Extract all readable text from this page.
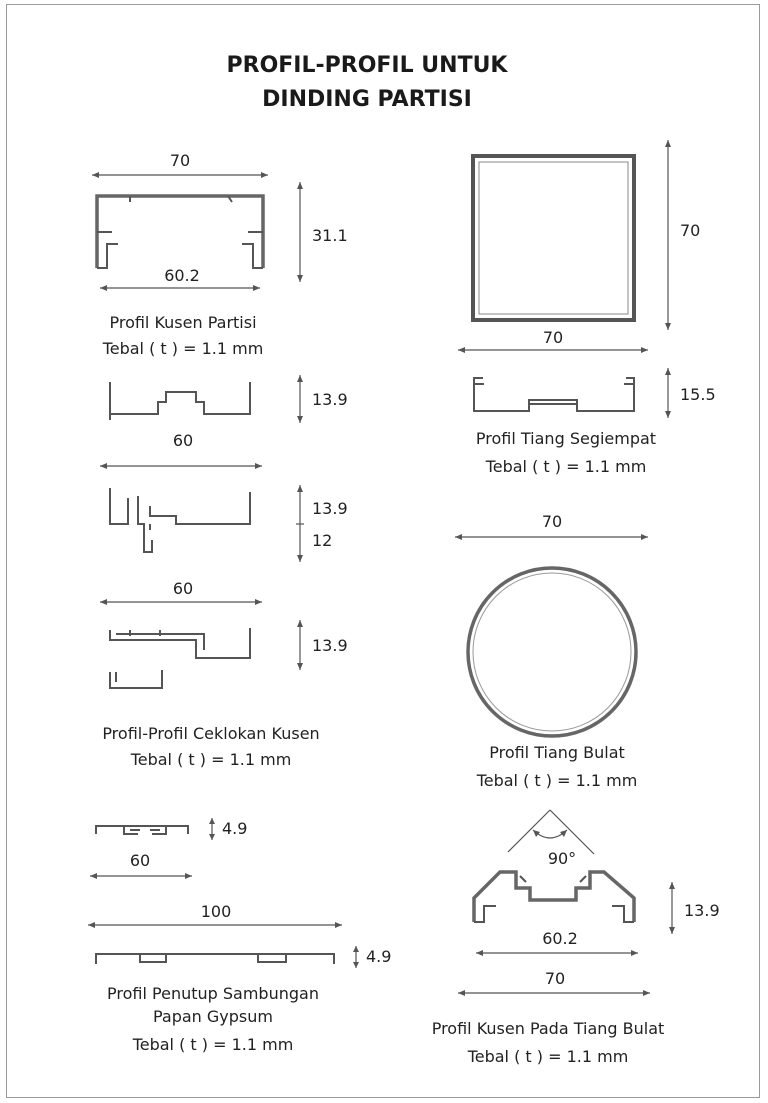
PROFIL-PROFIL UNTUK
DINDING PARTISI
70
60.2
31.1
Profil Kusen Partisi
Tebal ( t ) = 1.1 mm
70
70
15.5
Profil Tiang Segiempat
Tebal ( t ) = 1.1 mm
13.9
60
13.9
12
60
13.9
Profil-Profil Ceklokan Kusen
Tebal ( t ) = 1.1 mm
70
Profil Tiang Bulat
Tebal ( t ) = 1.1 mm
4.9
60
100
4.9
Profil Penutup Sambungan
Papan Gypsum
Tebal ( t ) = 1.1 mm
90°
13.9
60.2
70
Profil Kusen Pada Tiang Bulat
Tebal ( t ) = 1.1 mm
